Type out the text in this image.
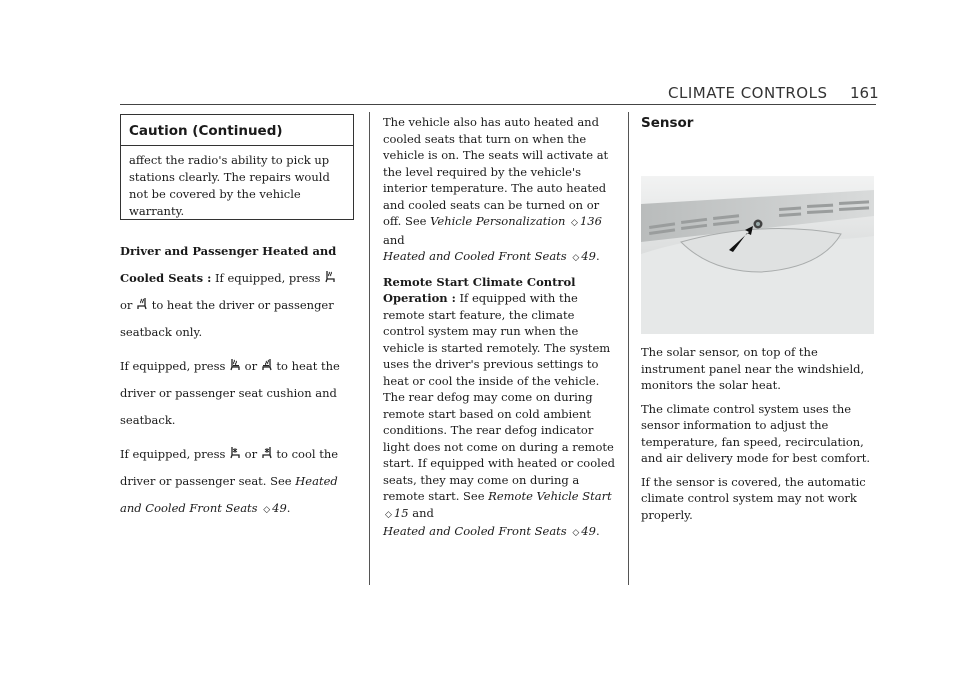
CLIMATE CONTROLS 161
Caution (Continued)
affect the radio's ability to pick up stations clearly. The repairs would not be covered by the vehicle warranty.

Driver and Passenger Heated and Cooled Seats : If equipped, press
or  to heat the driver or passenger seatback only.

If equipped, press  or  to heat the driver or passenger seat cushion and seatback.

If equipped, press  or  to cool the driver or passenger seat. See Heated and Cooled Front Seats ◇ 49.

The vehicle also has auto heated and cooled seats that turn on when the vehicle is on. The seats will activate at the level required by the vehicle's interior temperature. The auto heated and cooled seats can be turned on or off. See Vehicle Personalization ◇ 136 and
Heated and Cooled Front Seats ◇ 49.

Remote Start Climate Control Operation : If equipped with the remote start feature, the climate control system may run when the vehicle is started remotely. The system uses the driver's previous settings to heat or cool the inside of the vehicle. The rear defog may come on during remote start based on cold ambient conditions. The rear defog indicator light does not come on during a remote start. If equipped with heated or cooled seats, they may come on during a remote start. See Remote Vehicle Start ◇ 15 and
Heated and Cooled Front Seats ◇ 49.

Sensor

The solar sensor, on top of the instrument panel near the windshield, monitors the solar heat.

The climate control system uses the sensor information to adjust the temperature, fan speed, recirculation, and air delivery mode for best comfort.

If the sensor is covered, the automatic climate control system may not work properly.
